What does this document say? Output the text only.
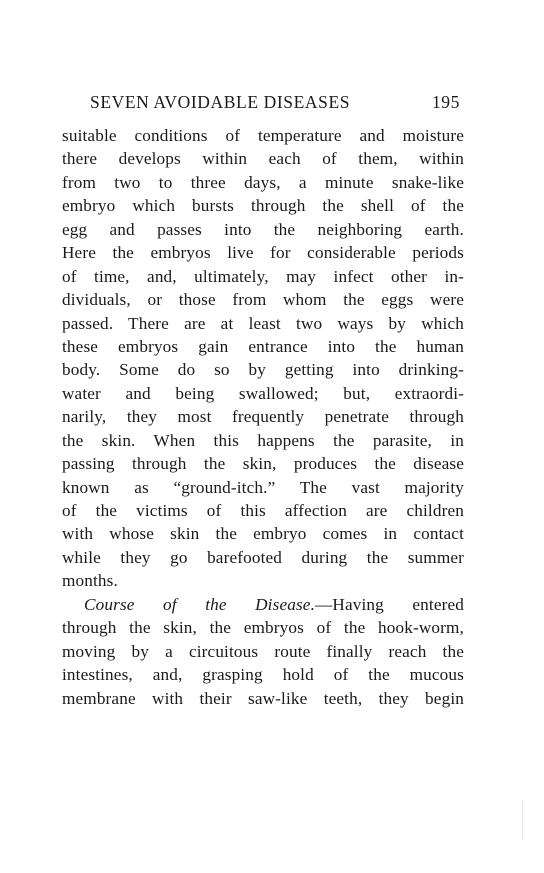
SEVEN AVOIDABLE DISEASES	195
suitable conditions of temperature and moisture
there develops within each of them, within
from two to three days, a minute snake-like
embryo which bursts through the shell of the
egg and passes into the neighboring earth.
Here the embryos live for considerable periods
of time, and, ultimately, may infect other in-
dividuals, or those from whom the eggs were
passed. There are at least two ways by which
these embryos gain entrance into the human
body. Some do so by getting into drinking-
water and being swallowed; but, extraordi-
narily, they most frequently penetrate through
the skin. When this happens the parasite, in
passing through the skin, produces the disease
known as “ground-itch.” The vast majority
of the victims of this affection are children
with whose skin the embryo comes in contact
while they go barefooted during the summer
months.
Course of the Disease.—Having entered
through the skin, the embryos of the hook-worm,
moving by a circuitous route finally reach the
intestines, and, grasping hold of the mucous
membrane with their saw-like teeth, they begin
